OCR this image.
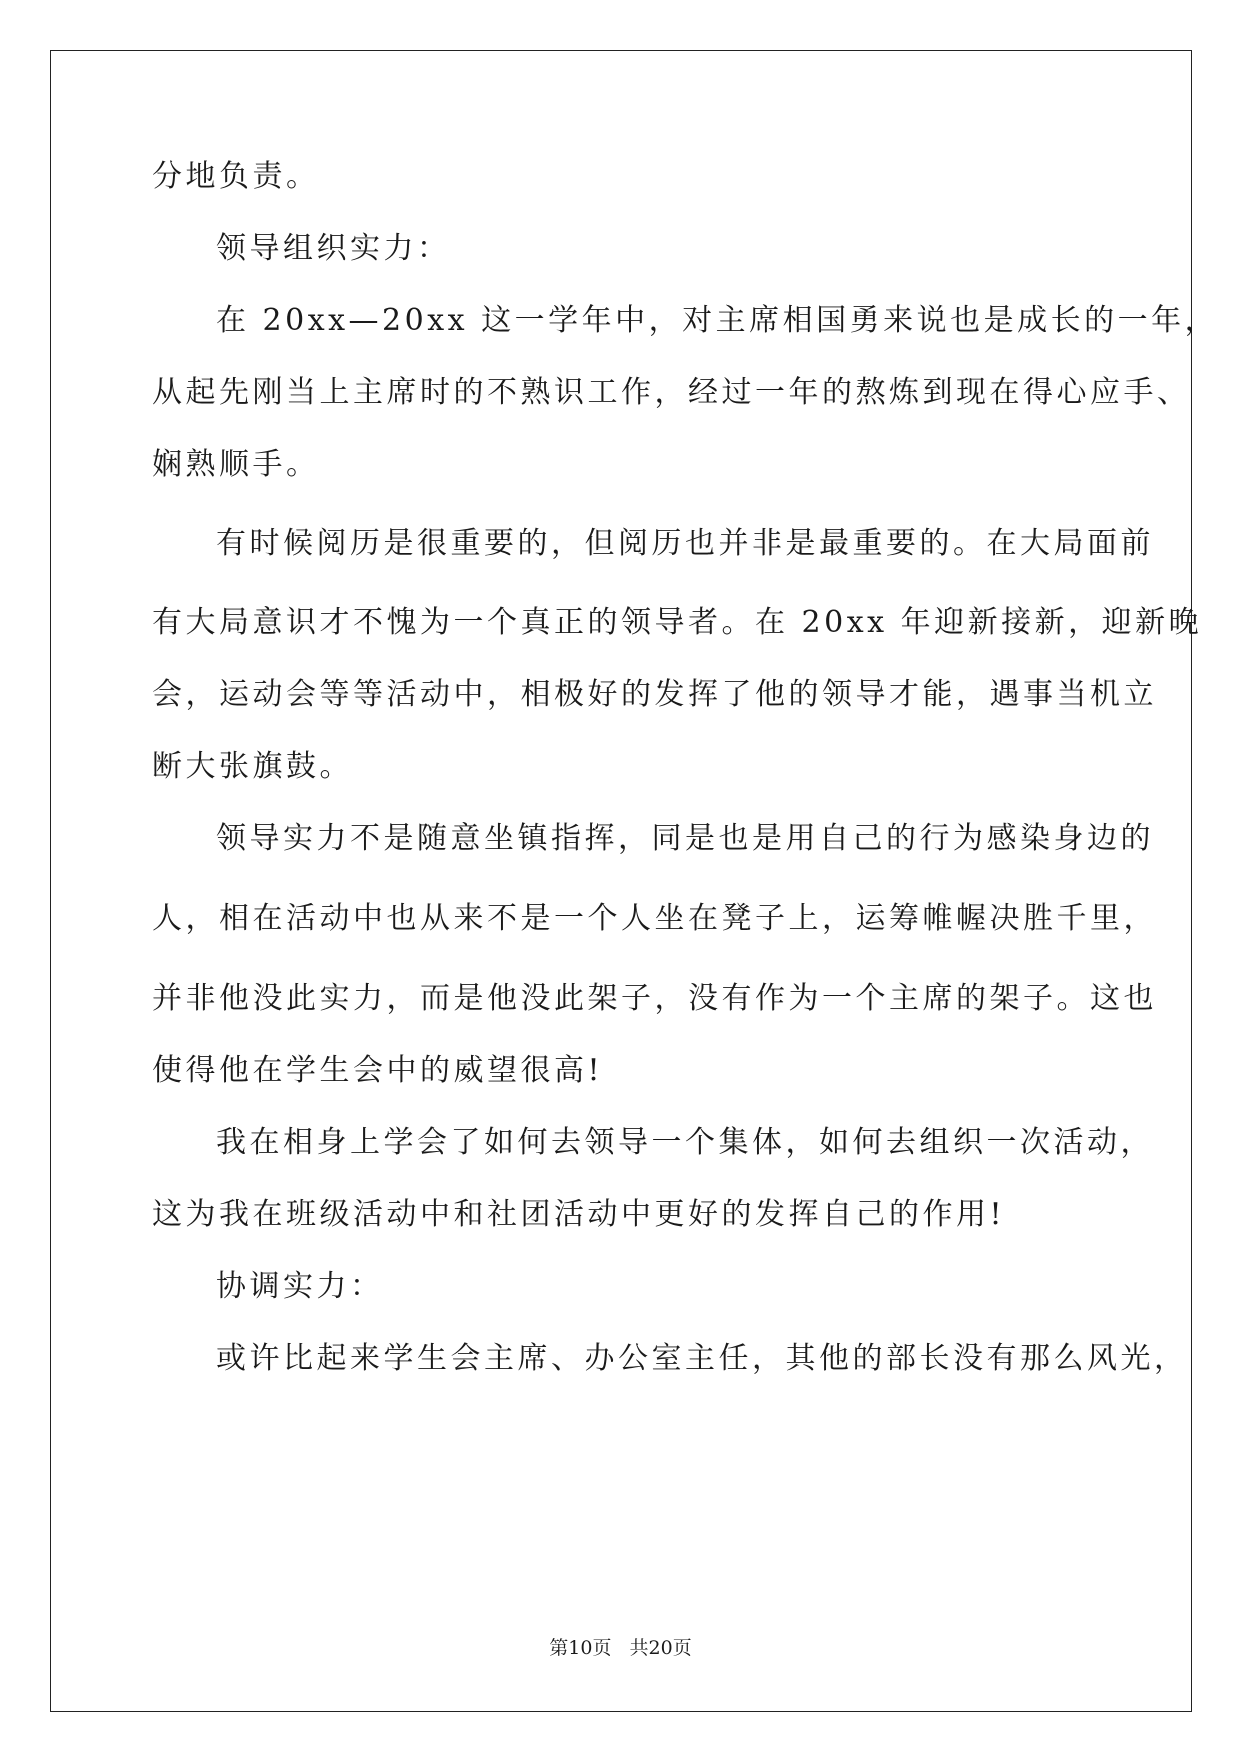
分地负责。
领导组织实力：
在 20xx—20xx 这一学年中，对主席相国勇来说也是成长的一年，
从起先刚当上主席时的不熟识工作，经过一年的熬炼到现在得心应手、
娴熟顺手。
有时候阅历是很重要的，但阅历也并非是最重要的。在大局面前
有大局意识才不愧为一个真正的领导者。在 20xx 年迎新接新，迎新晚
会，运动会等等活动中，相极好的发挥了他的领导才能，遇事当机立
断大张旗鼓。
领导实力不是随意坐镇指挥，同是也是用自己的行为感染身边的
人，相在活动中也从来不是一个人坐在凳子上，运筹帷幄决胜千里，
并非他没此实力，而是他没此架子，没有作为一个主席的架子。这也
使得他在学生会中的威望很高!
我在相身上学会了如何去领导一个集体，如何去组织一次活动，
这为我在班级活动中和社团活动中更好的发挥自己的作用!
协调实力：
或许比起来学生会主席、办公室主任，其他的部长没有那么风光，
第10页 共20页
